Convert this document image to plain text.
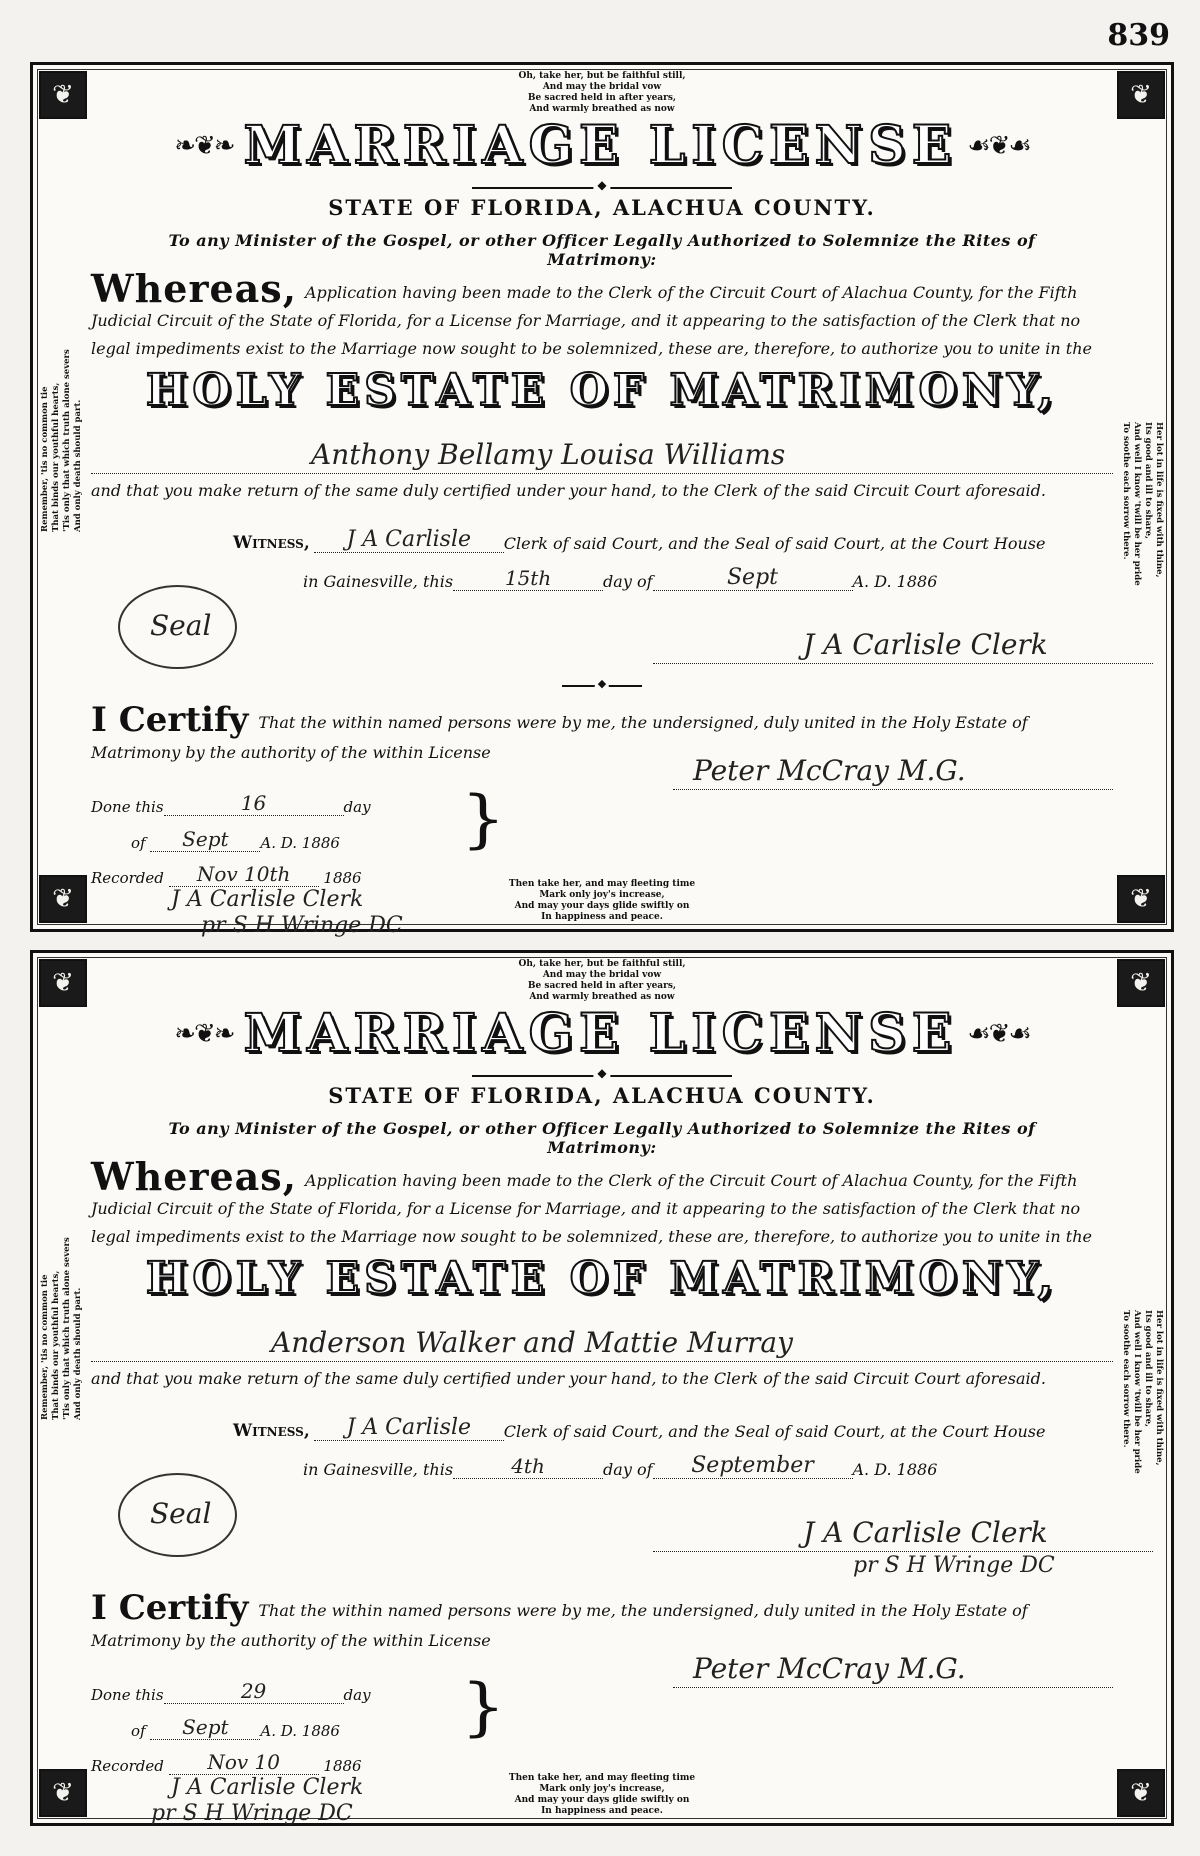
839
❦	❦
❦	❦
Oh, take her, but be faithful still,
And may the bridal vow
Be sacred held in after years,
And warmly breathed as now
Remember, 'tis no common tie That binds our youthful hearts, 'Tis only that which truth alone severs And only death should part.	Her lot in life is fixed with thine,
Its good and ill to share,
And well I know 'twill be her pride
To soothe each sorrow there.
❧❦❧ MARRIAGE LICENSE ☙❦☙
◆
STATE OF FLORIDA, ALACHUA COUNTY.
To any Minister of the Gospel, or other Officer Legally Authorized to Solemnize the Rites of Matrimony:
Whereas, Application having been made to the Clerk of the Circuit Court of Alachua County, for the Fifth Judicial Circuit of the State of Florida, for a License for Marriage, and it appearing to the satisfaction of the Clerk that no legal impediments exist to the Marriage now sought to be solemnized, these are, therefore, to authorize you to unite in the
HOLY ESTATE OF MATRIMONY,
Anthony Bellamy Louisa Williams
and that you make return of the same duly certified under your hand, to the Clerk of the said Circuit Court aforesaid.
Witness,	J A Carlisle	Clerk of said Court, and the Seal of said Court, at the Court House
in Gainesville, this	15th	day of	Sept	A. D.
1886
Seal
J A Carlisle Clerk
◆
I Certify That the within named persons were by me, the undersigned, duly united in the Holy Estate of Matrimony by the authority of the within License
Done this	16	day
of
	Sept	A. D.
1886 }
Peter McCray M.G.
Recorded
	Nov 10th
	1886
J A Carlisle Clerk
pr S H Wringe DC
Then take her, and may fleeting time
Mark only joy's increase,
And may your days glide swiftly on
In happiness and peace.
❦	❦
❦	❦
Oh, take her, but be faithful still,
And may the bridal vow
Be sacred held in after years,
And warmly breathed as now
Remember, 'tis no common tie That binds our youthful hearts, 'Tis only that which truth alone severs And only death should part.	Her lot in life is fixed with thine,
Its good and ill to share,
And well I know 'twill be her pride
To soothe each sorrow there.
❧❦❧ MARRIAGE LICENSE ☙❦☙
◆
STATE OF FLORIDA, ALACHUA COUNTY.
To any Minister of the Gospel, or other Officer Legally Authorized to Solemnize the Rites of Matrimony:
Whereas, Application having been made to the Clerk of the Circuit Court of Alachua County, for the Fifth Judicial Circuit of the State of Florida, for a License for Marriage, and it appearing to the satisfaction of the Clerk that no legal impediments exist to the Marriage now sought to be solemnized, these are, therefore, to authorize you to unite in the
HOLY ESTATE OF MATRIMONY,
Anderson Walker and Mattie Murray
and that you make return of the same duly certified under your hand, to the Clerk of the said Circuit Court aforesaid.
Witness,	J A Carlisle	Clerk of said Court, and the Seal of said Court, at the Court House
in Gainesville, this	4th	day of	September	A. D.
1886
Seal
J A Carlisle Clerk
pr S H Wringe DC
I Certify That the within named persons were by me, the undersigned, duly united in the Holy Estate of Matrimony by the authority of the within License
Done this	29	day
of
	Sept	A. D.
1886 }
Peter McCray M.G.
Recorded
	Nov 10
	1886
J A Carlisle Clerk
pr S H Wringe DC
Then take her, and may fleeting time
Mark only joy's increase,
And may your days glide swiftly on
In happiness and peace.
